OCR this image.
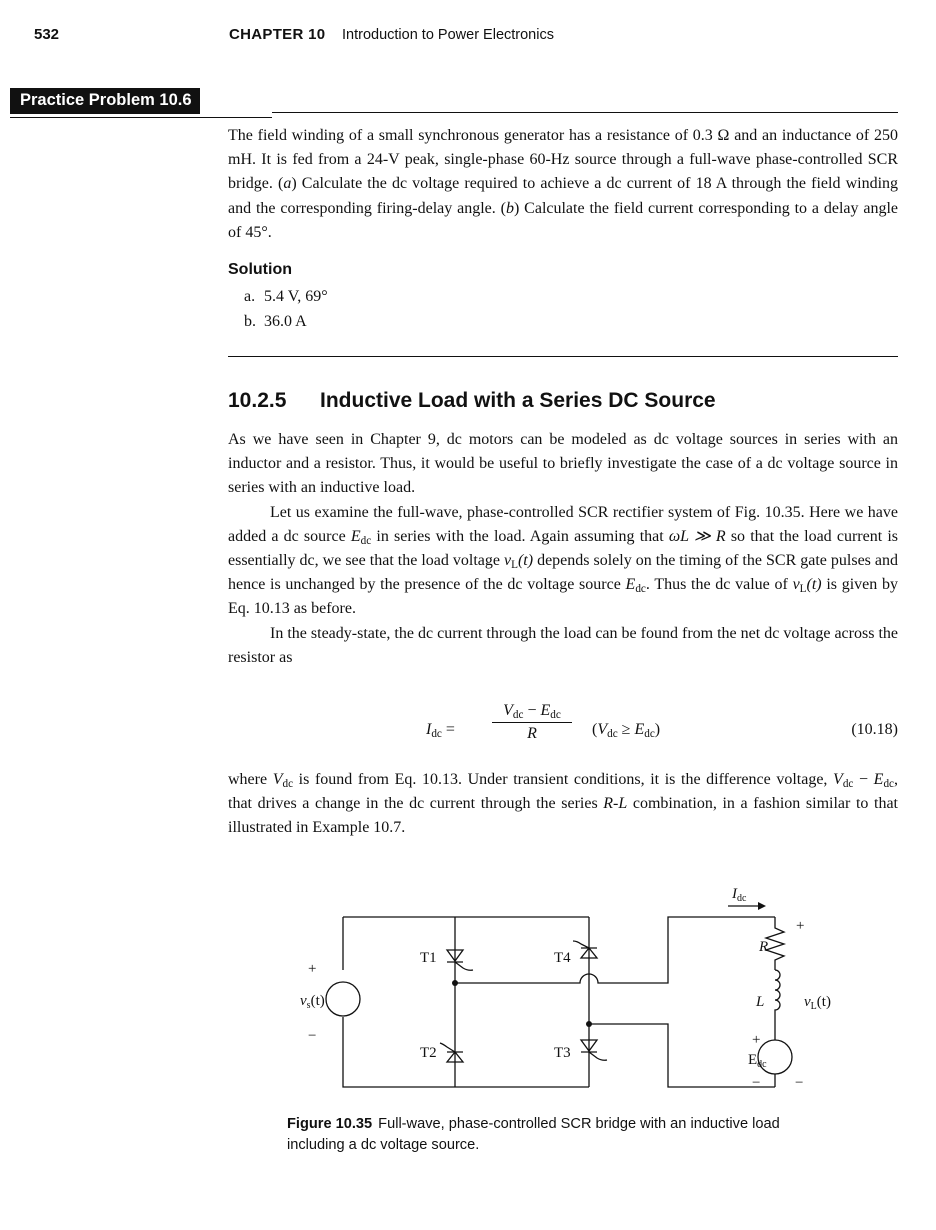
532	CHAPTER 10 Introduction to Power Electronics
Practice Problem 10.6
The field winding of a small synchronous generator has a resistance of 0.3 Ω and an inductance of 250 mH. It is fed from a 24-V peak, single-phase 60-Hz source through a full-wave phase-controlled SCR bridge. (a) Calculate the dc voltage required to achieve a dc current of 18 A through the field winding and the corresponding firing-delay angle. (b) Calculate the field current corresponding to a delay angle of 45°.
Solution
a. 5.4 V, 69°
b. 36.0 A
10.2.5 Inductive Load with a Series DC Source
As we have seen in Chapter 9, dc motors can be modeled as dc voltage sources in series with an inductor and a resistor. Thus, it would be useful to briefly investigate the case of a dc voltage source in series with an inductive load.
Let us examine the full-wave, phase-controlled SCR rectifier system of Fig. 10.35. Here we have added a dc source $E_{dc}$ in series with the load. Again assuming that ωL ≫ R so that the load current is essentially dc, we see that the load voltage $v_L(t)$ depends solely on the timing of the SCR gate pulses and hence is unchanged by the presence of the dc voltage source $E_{dc}$. Thus the dc value of $v_L(t)$ is given by Eq. 10.13 as before.
In the steady-state, the dc current through the load can be found from the net dc voltage across the resistor as
$I_{dc}$ =
$V_{dc} - E_{dc}$
R	$(V_{dc} \ge E_{dc})$	(10.18)
where $V_{dc}$ is found from Eq. 10.13. Under transient conditions, it is the difference voltage, $V_{dc} - E_{dc}$, that drives a change in the dc current through the series R-L combination, in a fashion similar to that illustrated in Example 10.7.
T1
T2
T4
T3
+
−
$v_s(t)$
$I_{dc}$
+
R
L	$v_L(t)$
+
$E_{dc}$
− −
Figure 10.35 Full-wave, phase-controlled SCR bridge with an inductive load including a dc voltage source.
